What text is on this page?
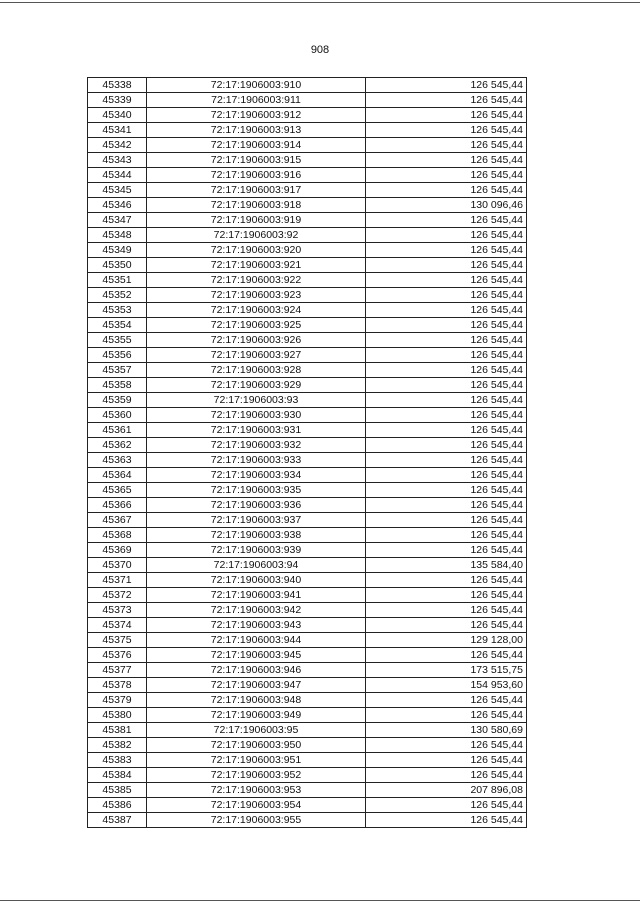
908
45338	72:17:1906003:910	126 545,44
45339	72:17:1906003:911	126 545,44
45340	72:17:1906003:912	126 545,44
45341	72:17:1906003:913	126 545,44
45342	72:17:1906003:914	126 545,44
45343	72:17:1906003:915	126 545,44
45344	72:17:1906003:916	126 545,44
45345	72:17:1906003:917	126 545,44
45346	72:17:1906003:918	130 096,46
45347	72:17:1906003:919	126 545,44
45348	72:17:1906003:92	126 545,44
45349	72:17:1906003:920	126 545,44
45350	72:17:1906003:921	126 545,44
45351	72:17:1906003:922	126 545,44
45352	72:17:1906003:923	126 545,44
45353	72:17:1906003:924	126 545,44
45354	72:17:1906003:925	126 545,44
45355	72:17:1906003:926	126 545,44
45356	72:17:1906003:927	126 545,44
45357	72:17:1906003:928	126 545,44
45358	72:17:1906003:929	126 545,44
45359	72:17:1906003:93	126 545,44
45360	72:17:1906003:930	126 545,44
45361	72:17:1906003:931	126 545,44
45362	72:17:1906003:932	126 545,44
45363	72:17:1906003:933	126 545,44
45364	72:17:1906003:934	126 545,44
45365	72:17:1906003:935	126 545,44
45366	72:17:1906003:936	126 545,44
45367	72:17:1906003:937	126 545,44
45368	72:17:1906003:938	126 545,44
45369	72:17:1906003:939	126 545,44
45370	72:17:1906003:94	135 584,40
45371	72:17:1906003:940	126 545,44
45372	72:17:1906003:941	126 545,44
45373	72:17:1906003:942	126 545,44
45374	72:17:1906003:943	126 545,44
45375	72:17:1906003:944	129 128,00
45376	72:17:1906003:945	126 545,44
45377	72:17:1906003:946	173 515,75
45378	72:17:1906003:947	154 953,60
45379	72:17:1906003:948	126 545,44
45380	72:17:1906003:949	126 545,44
45381	72:17:1906003:95	130 580,69
45382	72:17:1906003:950	126 545,44
45383	72:17:1906003:951	126 545,44
45384	72:17:1906003:952	126 545,44
45385	72:17:1906003:953	207 896,08
45386	72:17:1906003:954	126 545,44
45387	72:17:1906003:955	126 545,44
